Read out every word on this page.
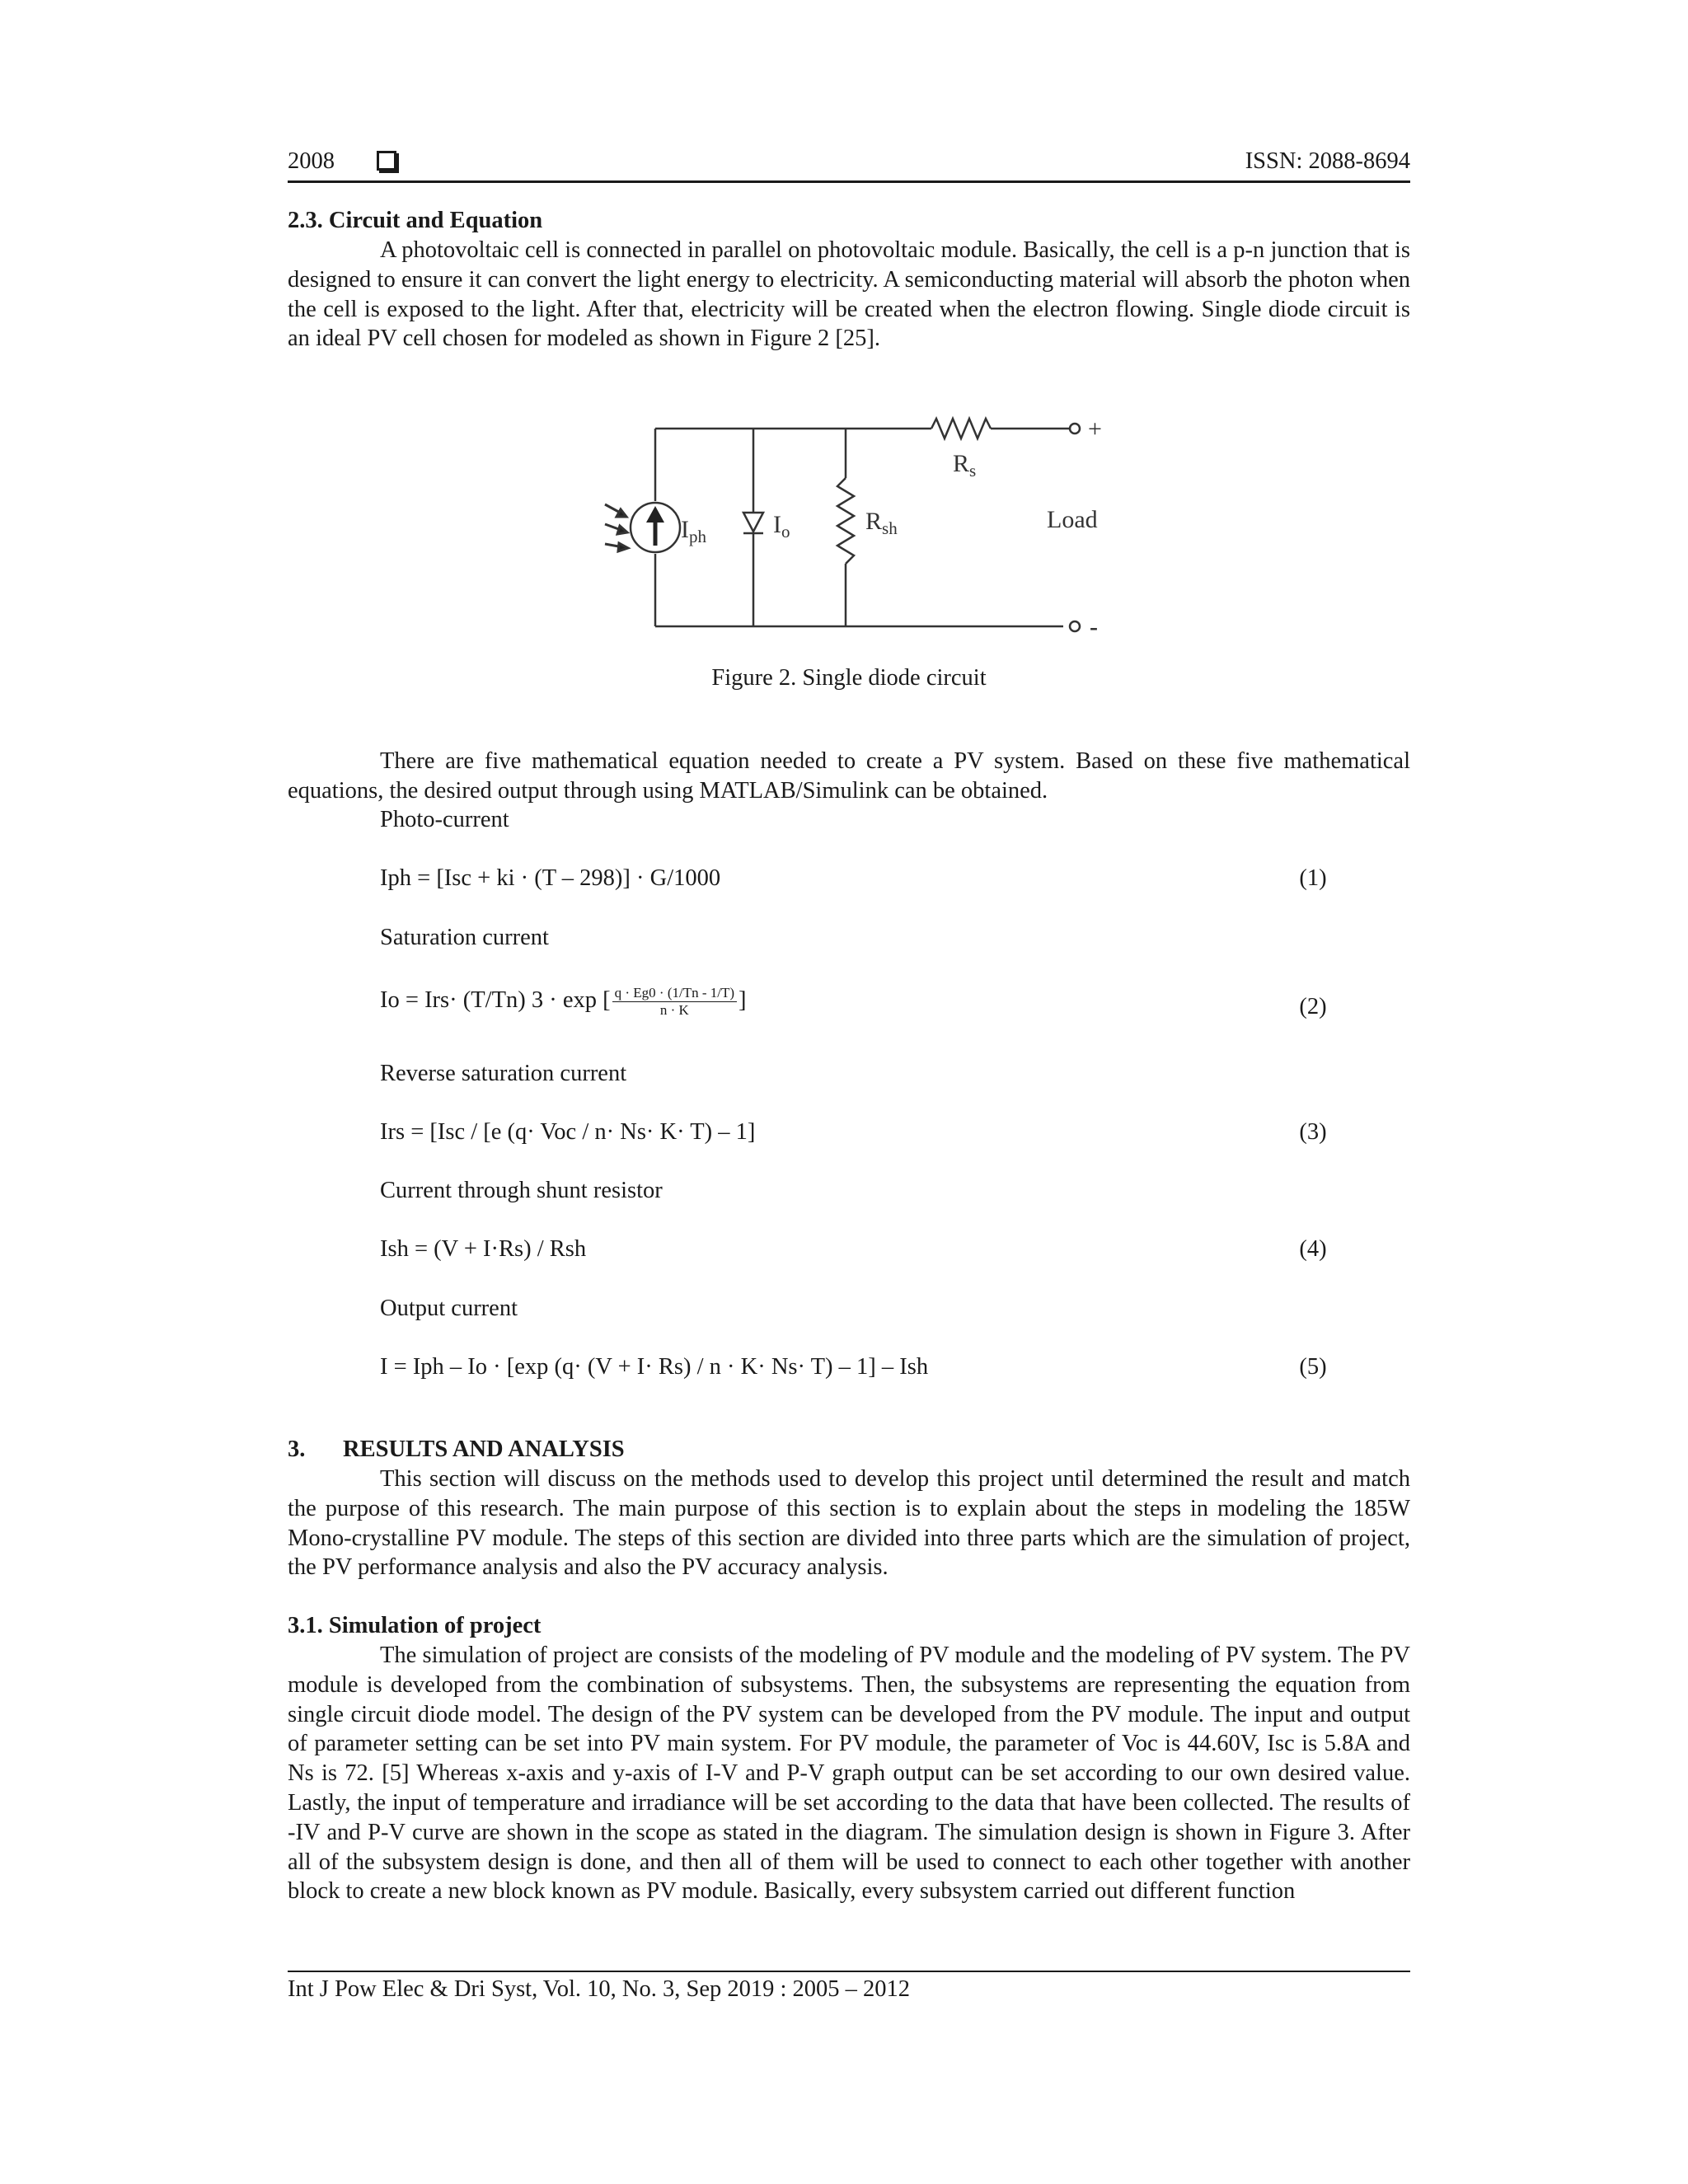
2008	ISSN: 2088-8694
2.3. Circuit and Equation
A photovoltaic cell is connected in parallel on photovoltaic module. Basically, the cell is a p-n junction that is designed to ensure it can convert the light energy to electricity. A semiconducting material will absorb the photon when the cell is exposed to the light. After that, electricity will be created when the electron flowing. Single diode circuit is an ideal PV cell chosen for modeled as shown in Figure 2 [25].
$I_{ph}$	$I_o$	$R_{sh}$
$R_s$
Load
+
-
Figure 2. Single diode circuit
There are five mathematical equation needed to create a PV system. Based on these five mathematical equations, the desired output through using MATLAB/Simulink can be obtained.
Photo-current
Iph = [Isc + ki · (T – 298)] · G/1000	(1)
Saturation current
Io = Irs· (T/Tn) 3 · exp [ $\frac{q \cdot Eg0 \cdot (1/Tn - 1/T)}{n \cdot K}$ ]	(2)
Reverse saturation current
Irs = [Isc / [e (q· Voc / n· Ns· K· T) – 1]	(3)
Current through shunt resistor
Ish = (V + I·Rs) / Rsh	(4)
Output current
I = Iph – Io · [exp (q· (V + I· Rs) / n · K· Ns· T) – 1] – Ish	(5)
3. RESULTS AND ANALYSIS
This section will discuss on the methods used to develop this project until determined the result and match the purpose of this research. The main purpose of this section is to explain about the steps in modeling the 185W Mono-crystalline PV module. The steps of this section are divided into three parts which are the simulation of project, the PV performance analysis and also the PV accuracy analysis.
3.1. Simulation of project
The simulation of project are consists of the modeling of PV module and the modeling of PV system. The PV module is developed from the combination of subsystems. Then, the subsystems are representing the equation from single circuit diode model. The design of the PV system can be developed from the PV module. The input and output of parameter setting can be set into PV main system. For PV module, the parameter of Voc is 44.60V, Isc is 5.8A and Ns is 72. [5] Whereas x-axis and y-axis of I-V and P-V graph output can be set according to our own desired value. Lastly, the input of temperature and irradiance will be set according to the data that have been collected. The results of -IV and P-V curve are shown in the scope as stated in the diagram. The simulation design is shown in Figure 3. After all of the subsystem design is done, and then all of them will be used to connect to each other together with another block to create a new block known as PV module. Basically, every subsystem carried out different function
Int J Pow Elec & Dri Syst, Vol. 10, No. 3, Sep 2019 : 2005 – 2012
